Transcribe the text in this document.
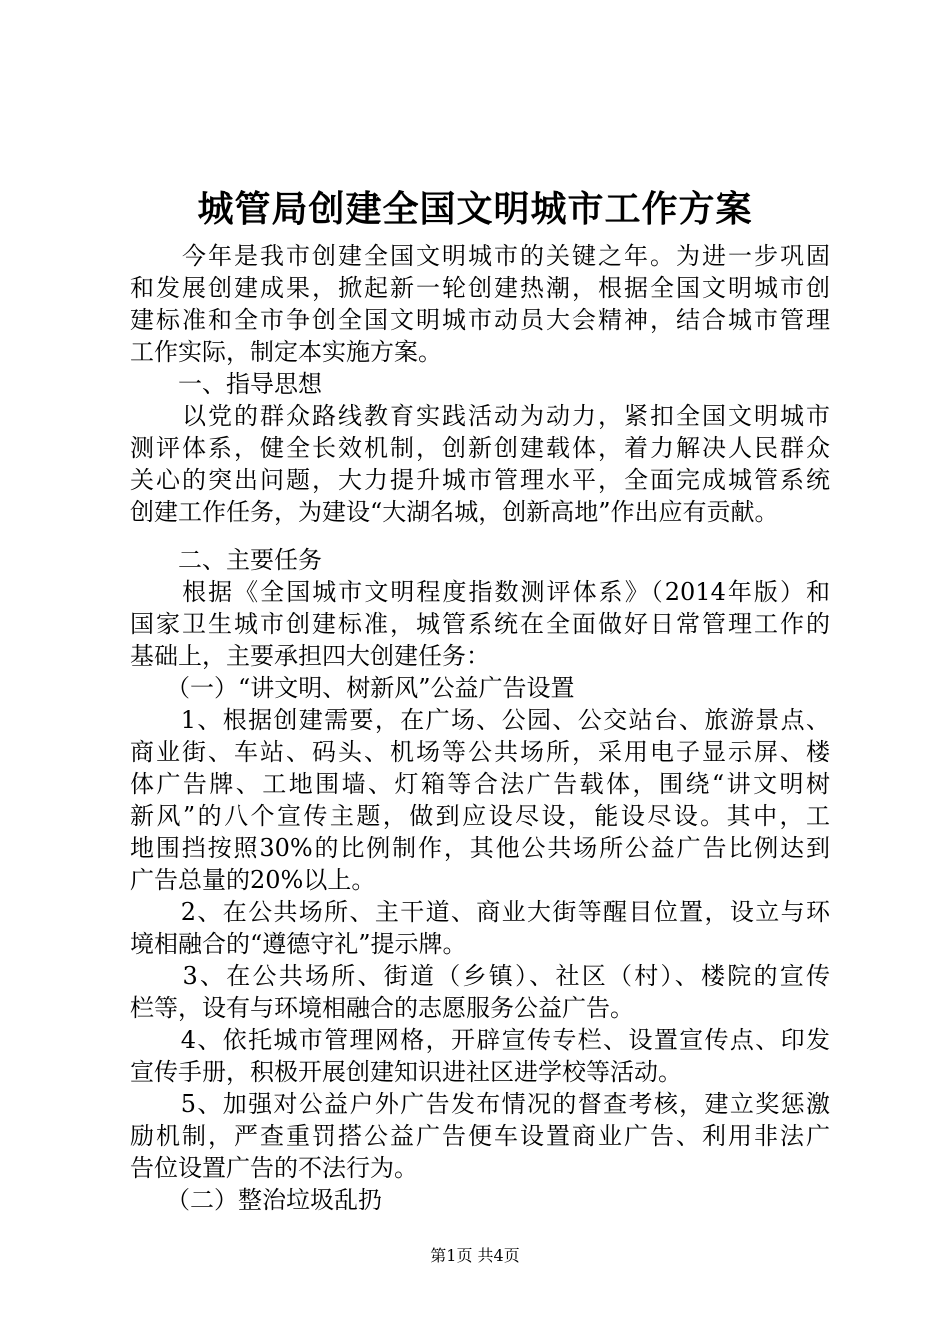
城管局创建全国文明城市工作方案
　　今年是我市创建全国文明城市的关键之年。为进一步巩固
和发展创建成果，掀起新一轮创建热潮，根据全国文明城市创
建标准和全市争创全国文明城市动员大会精神，结合城市管理
工作实际，制定本实施方案。
　　一、指导思想
　　以党的群众路线教育实践活动为动力，紧扣全国文明城市
测评体系，健全长效机制，创新创建载体，着力解决人民群众
关心的突出问题，大力提升城市管理水平，全面完成城管系统
创建工作任务，为建设“大湖名城，创新高地”作出应有贡献。
　　二、主要任务
　　根据《全国城市文明程度指数测评体系》（2014年版）和
国家卫生城市创建标准，城管系统在全面做好日常管理工作的
基础上，主要承担四大创建任务：
　　（一）“讲文明、树新风”公益广告设置
　　1、根据创建需要，在广场、公园、公交站台、旅游景点、
商业街、车站、码头、机场等公共场所，采用电子显示屏、楼
体广告牌、工地围墙、灯箱等合法广告载体，围绕“讲文明树
新风”的八个宣传主题，做到应设尽设，能设尽设。其中，工
地围挡按照30%的比例制作，其他公共场所公益广告比例达到
广告总量的20%以上。
　　2、在公共场所、主干道、商业大街等醒目位置，设立与环
境相融合的“遵德守礼”提示牌。
　　3、在公共场所、街道（乡镇）、社区（村）、楼院的宣传
栏等，设有与环境相融合的志愿服务公益广告。
　　4、依托城市管理网格，开辟宣传专栏、设置宣传点、印发
宣传手册，积极开展创建知识进社区进学校等活动。
　　5、加强对公益户外广告发布情况的督查考核，建立奖惩激
励机制，严查重罚搭公益广告便车设置商业广告、利用非法广
告位设置广告的不法行为。
　　（二）整治垃圾乱扔
第1页 共4页
